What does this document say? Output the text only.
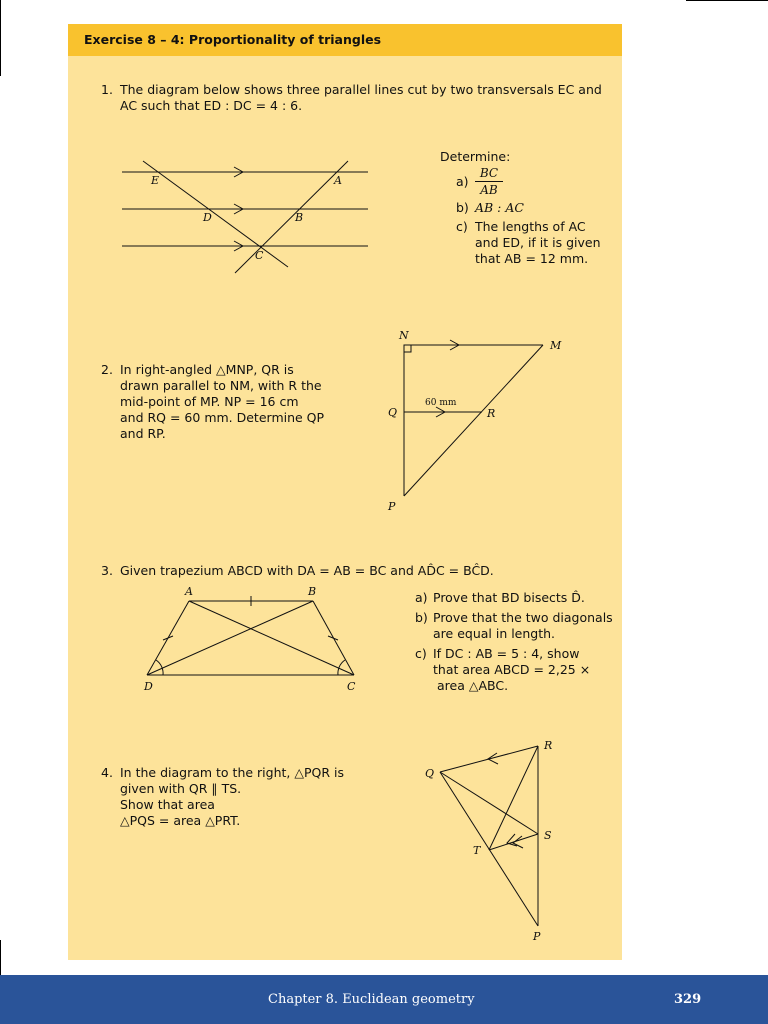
Exercise 8 – 4: Proportionality of triangles
1. The diagram below shows three parallel lines cut by two transversals EC and
AC such that ED : DC = 4 : 6.
E	A
D	B
C
Determine:
a)
BC
AB
b) AB : AC
c) The lengths of AC
and ED, if it is given
that AB = 12 mm.
2. In right-angled △MNP, QR is
drawn parallel to NM, with R the
mid-point of MP. NP = 16 cm
and RQ = 60 mm. Determine QP
and RP.
N
M
Q	R
P
60 mm
3. Given trapezium ABCD with DA = AB = BC and AD̂C = BĈD.
A	B
D	C
a) Prove that BD bisects D̂.
b) Prove that the two diagonals
are equal in length.
c) If DC : AB = 5 : 4, show
that area ABCD = 2,25 ×
area △ABC.
4. In the diagram to the right, △PQR is
given with QR ∥ TS.
Show that area
△PQS = area △PRT.
R
Q
S
T
P
Chapter 8. Euclidean geometry	329
